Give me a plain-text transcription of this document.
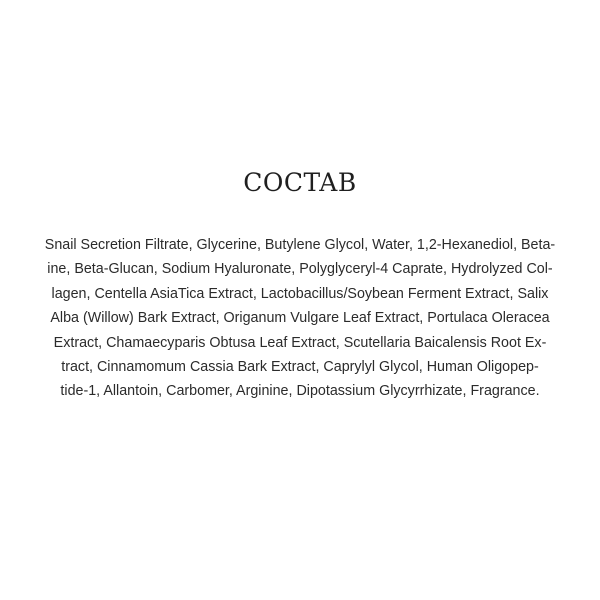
COCTAB

Snail Secretion Filtrate, Glycerine, Butylene Glycol, Water, 1,2-Hexanediol, Beta-
ine, Beta-Glucan, Sodium Hyaluronate, Polyglyceryl-4 Caprate, Hydrolyzed Col-
lagen, Centella AsiaTica Extract, Lactobacillus/Soybean Ferment Extract, Salix
Alba (Willow) Bark Extract, Origanum Vulgare Leaf Extract, Portulaca Oleracea
Extract, Chamaecyparis Obtusa Leaf Extract, Scutellaria Baicalensis Root Ex-
tract, Cinnamomum Cassia Bark Extract, Caprylyl Glycol, Human Oligopep-
tide-1, Allantoin, Carbomer, Arginine, Dipotassium Glycyrrhizate, Fragrance.
